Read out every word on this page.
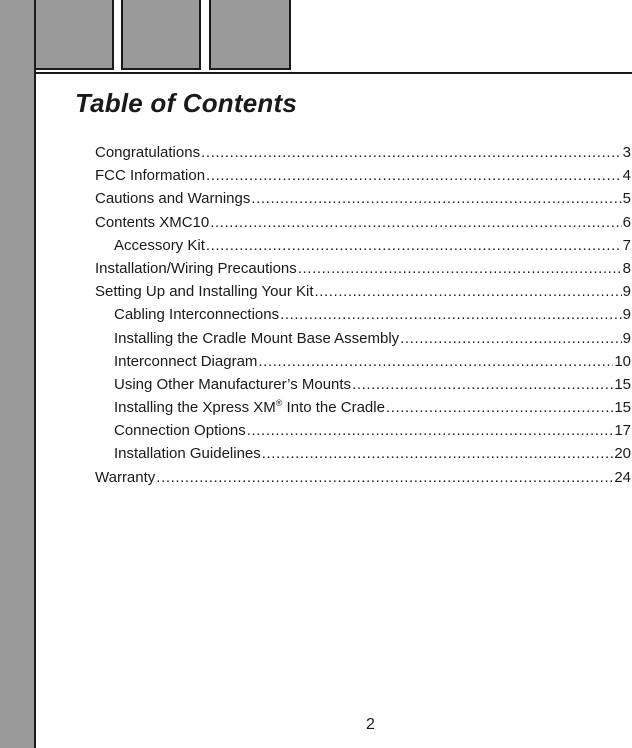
Table of Contents
Congratulations .....	3
FCC Information .....	4
Cautions and Warnings .....	5
Contents XMC10 .....	6
Accessory Kit .....	7
Installation/Wiring Precautions .....	8
Setting Up and Installing Your Kit .....	9
Cabling Interconnections .....	9
Installing the Cradle Mount Base Assembly .....	9
Interconnect Diagram .....	10
Using Other Manufacturer’s Mounts .....	15
Installing the Xpress XM® Into the Cradle .....	15
Connection Options .....	17
Installation Guidelines .....	20
Warranty .....	24
2
